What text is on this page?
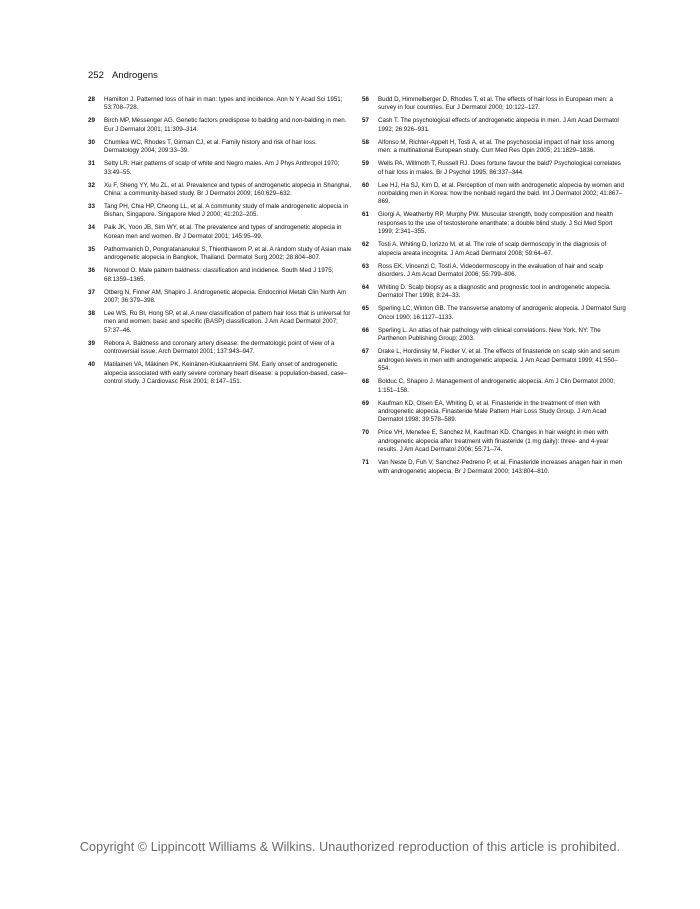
252 Androgens
28 Hamilton J. Patterned loss of hair in man: types and incidence. Ann N Y Acad Sci 1951; 53:708–728.
29 Birch MP, Messenger AG. Genetic factors predispose to balding and non-balding in men. Eur J Dermatol 2001; 11:309–314.
30 Chumlea WC, Rhodes T, Girman CJ, et al. Family history and risk of hair loss. Dermatology 2004; 209:33–39.
31 Setty LR. Hair patterns of scalp of white and Negro males. Am J Phys Anthropol 1970; 33:49–55.
32 Xu F, Sheng YY, Mu ZL, et al. Prevalence and types of androgenetic alopecia in Shanghai, China: a community-based study. Br J Dermatol 2009; 160:629–632.
33 Tang PH, Chia HP, Cheong LL, et al. A community study of male androgenetic alopecia in Bishan, Singapore. Singapore Med J 2000; 41:202–205.
34 Paik JK, Yoon JB, Sim WY, et al. The prevalence and types of androgenetic alopecia in Korean men and women. Br J Dermatol 2001; 145:95–99.
35 Pathomvanich D, Pongratananukul S, Thienthaworn P, et al. A random study of Asian male androgenetic alopecia in Bangkok, Thailand. Dermatol Surg 2002; 28:804–807.
36 Norwood O. Male pattern baldness: classification and incidence. South Med J 1975; 68:1359–1365.
37 Otberg N, Finner AM, Shapiro J. Androgenetic alopecia. Endocrinol Metab Clin North Am 2007; 36:379–398.
38 Lee WS, Ro BI, Hong SP, et al. A new classification of pattern hair loss that is universal for men and women: basic and specific (BASP) classification. J Am Acad Dermatol 2007; 57:37–46.
39 Rebora A. Baldness and coronary artery disease: the dermatologic point of view of a controversial issue. Arch Dermatol 2001; 137:943–947.
40 Matilainen VA, Mäkinen PK, Keinänen-Kiukaanniemi SM. Early onset of androgenetic alopecia associated with early severe coronary heart disease: a population-based, case–control study. J Cardiovasc Risk 2001; 8:147–151.
56 Budd D, Himmelberger D, Rhodes T, et al. The effects of hair loss in European men: a survey in four countries. Eur J Dermatol 2000; 10:122–127.
57 Cash T. The psychological effects of androgenetic alopecia in men. J Am Acad Dermatol 1992; 26:926–931.
58 Alfonso M, Richter-Appelt H, Tosti A, et al. The psychosocial impact of hair loss among men: a multinational European study. Curr Med Res Opin 2005; 21:1829–1836.
59 Wells PA, Willmoth T, Russell RJ. Does fortune favour the bald? Psychological correlates of hair loss in males. Br J Psychol 1995; 86:337–344.
60 Lee HJ, Ha SJ, Kim D, et al. Perception of men with androgenetic alopecia by women and nonbalding men in Korea: how the nonbald regard the bald. Int J Dermatol 2002; 41:867–869.
61 Giorgi A, Weatherby RP, Murphy PW. Muscular strength, body composition and health responses to the use of testosterone enanthate: a double blind study. J Sci Med Sport 1999; 2:341–355.
62 Tosti A, Whiting D, Iorizzo M, et al. The role of scalp dermoscopy in the diagnosis of alopecia areata incognita. J Am Acad Dermatol 2008; 59:64–67.
63 Ross EK, Vincenzi C, Tosti A. Videodermoscopy in the evaluation of hair and scalp disorders. J Am Acad Dermatol 2006; 55:799–806.
64 Whiting D. Scalp biopsy as a diagnostic and prognostic tool in androgenetic alopecia. Dermatol Ther 1998; 8:24–33.
65 Sperling LC, Winton GB. The transverse anatomy of androgenic alopecia. J Dermatol Surg Oncol 1990; 16:1127–1133.
66 Sperling L. An atlas of hair pathology with clinical correlations. New York, NY: The Parthenon Publishing Group; 2003.
67 Drake L, Hordinsky M, Fiedler V, et al. The effects of finasteride on scalp skin and serum androgen levels in men with androgenetic alopecia. J Am Acad Dermatol 1999; 41:550–554.
68 Bolduc C, Shapiro J. Management of androgenetic alopecia. Am J Clin Dermatol 2000; 1:151–158.
69 Kaufman KD, Olsen EA, Whiting D, et al. Finasteride in the treatment of men with androgenetic alopecia. Finasteride Male Pattern Hair Loss Study Group. J Am Acad Dermatol 1998; 39:578–589.
70 Price VH, Menefee E, Sanchez M, Kaufman KD. Changes in hair weight in men with androgenetic alopecia after treatment with finasteride (1 mg daily): three- and 4-year results. J Am Acad Dermatol 2006; 55:71–74.
71 Van Neste D, Fuh V, Sanchez-Pedreno P, et al. Finasteride increases anagen hair in men with androgenetic alopecia. Br J Dermatol 2000; 143:804–810.
Copyright © Lippincott Williams & Wilkins. Unauthorized reproduction of this article is prohibited.
